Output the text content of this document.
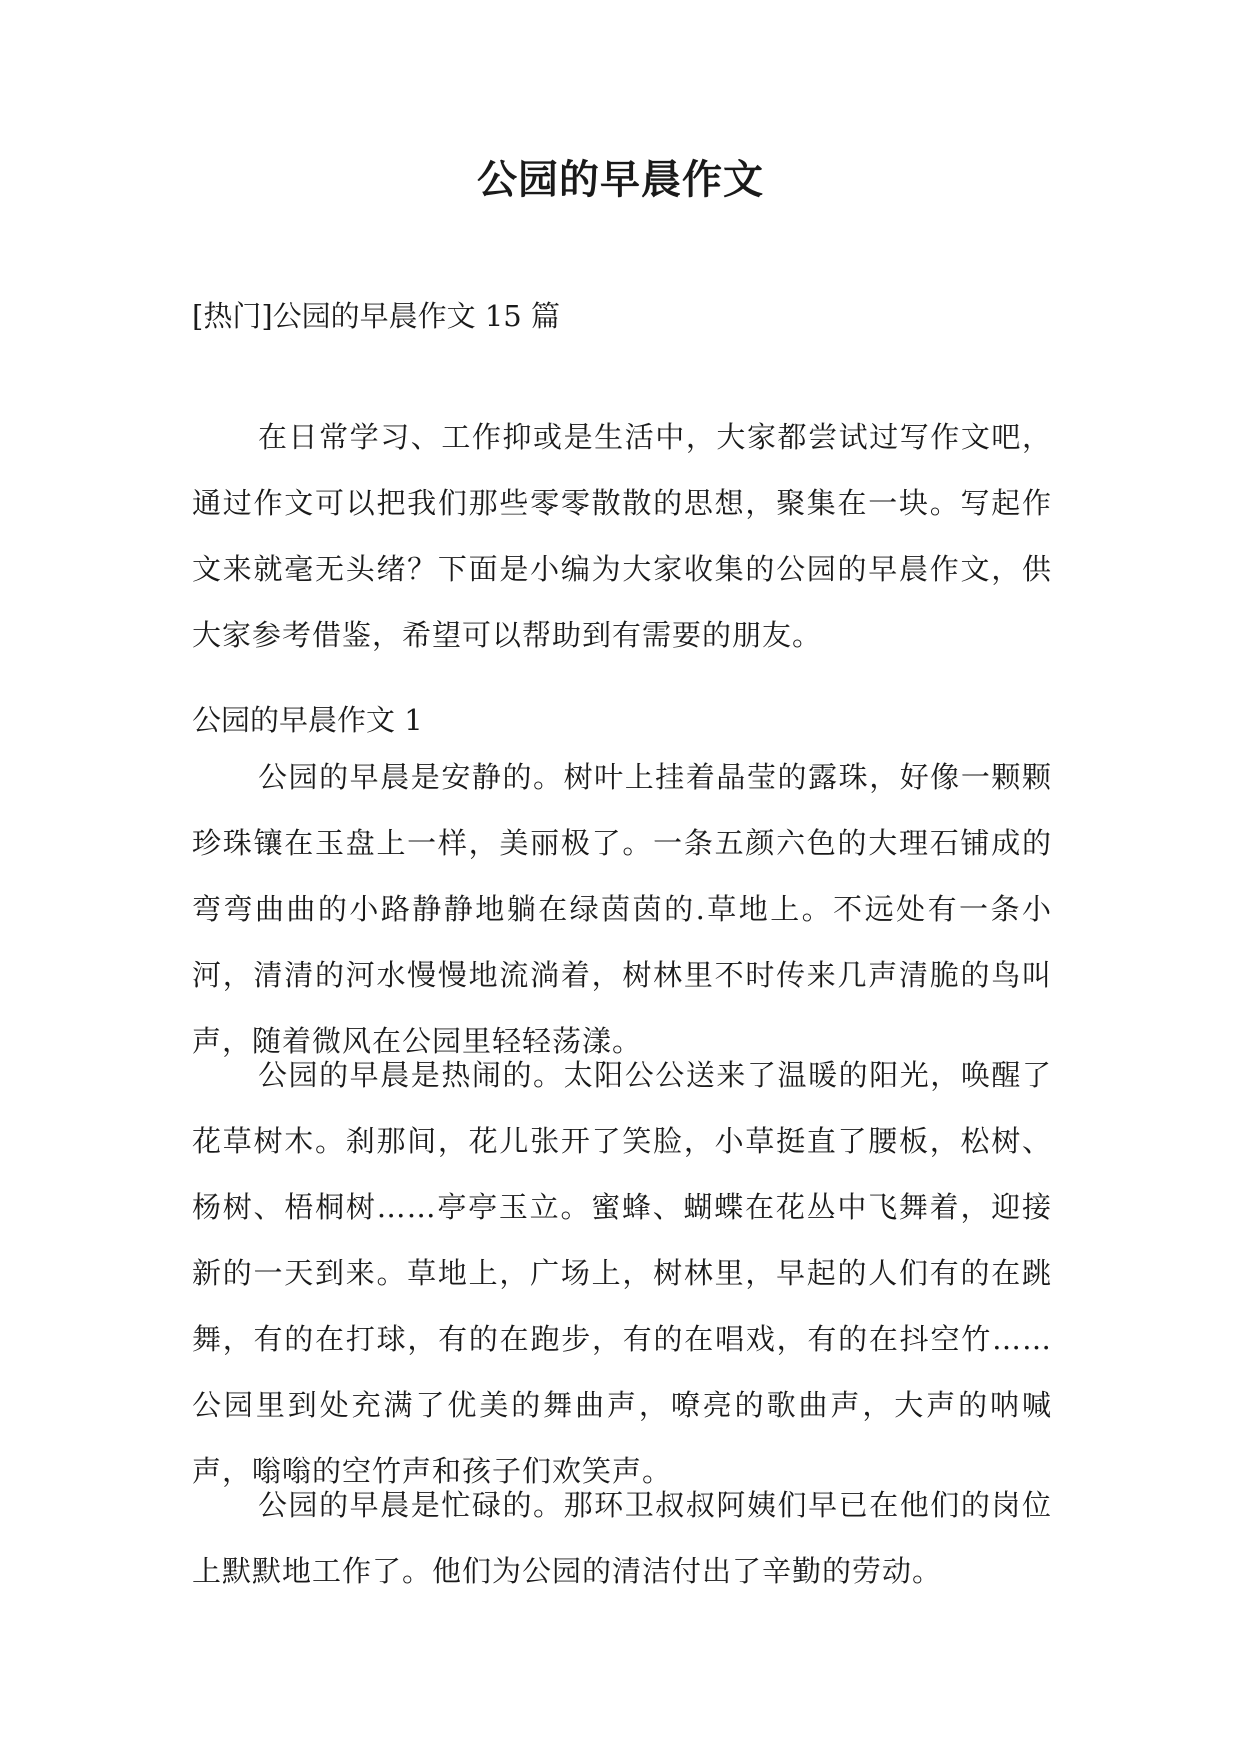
公园的早晨作文
[热门]公园的早晨作文 15 篇
在日常学习、工作抑或是生活中，大家都尝试过写作文吧，通过作文可以把我们那些零零散散的思想，聚集在一块。写起作文来就毫无头绪？下面是小编为大家收集的公园的早晨作文，供大家参考借鉴，希望可以帮助到有需要的朋友。
公园的早晨作文 1
公园的早晨是安静的。树叶上挂着晶莹的露珠，好像一颗颗珍珠镶在玉盘上一样，美丽极了。一条五颜六色的大理石铺成的弯弯曲曲的小路静静地躺在绿茵茵的.草地上。不远处有一条小河，清清的河水慢慢地流淌着，树林里不时传来几声清脆的鸟叫声，随着微风在公园里轻轻荡漾。
公园的早晨是热闹的。太阳公公送来了温暖的阳光，唤醒了花草树木。刹那间，花儿张开了笑脸，小草挺直了腰板，松树、杨树、梧桐树……亭亭玉立。蜜蜂、蝴蝶在花丛中飞舞着，迎接新的一天到来。草地上，广场上，树林里，早起的人们有的在跳舞，有的在打球，有的在跑步，有的在唱戏，有的在抖空竹……公园里到处充满了优美的舞曲声，嘹亮的歌曲声，大声的呐喊声，嗡嗡的空竹声和孩子们欢笑声。
公园的早晨是忙碌的。那环卫叔叔阿姨们早已在他们的岗位上默默地工作了。他们为公园的清洁付出了辛勤的劳动。
